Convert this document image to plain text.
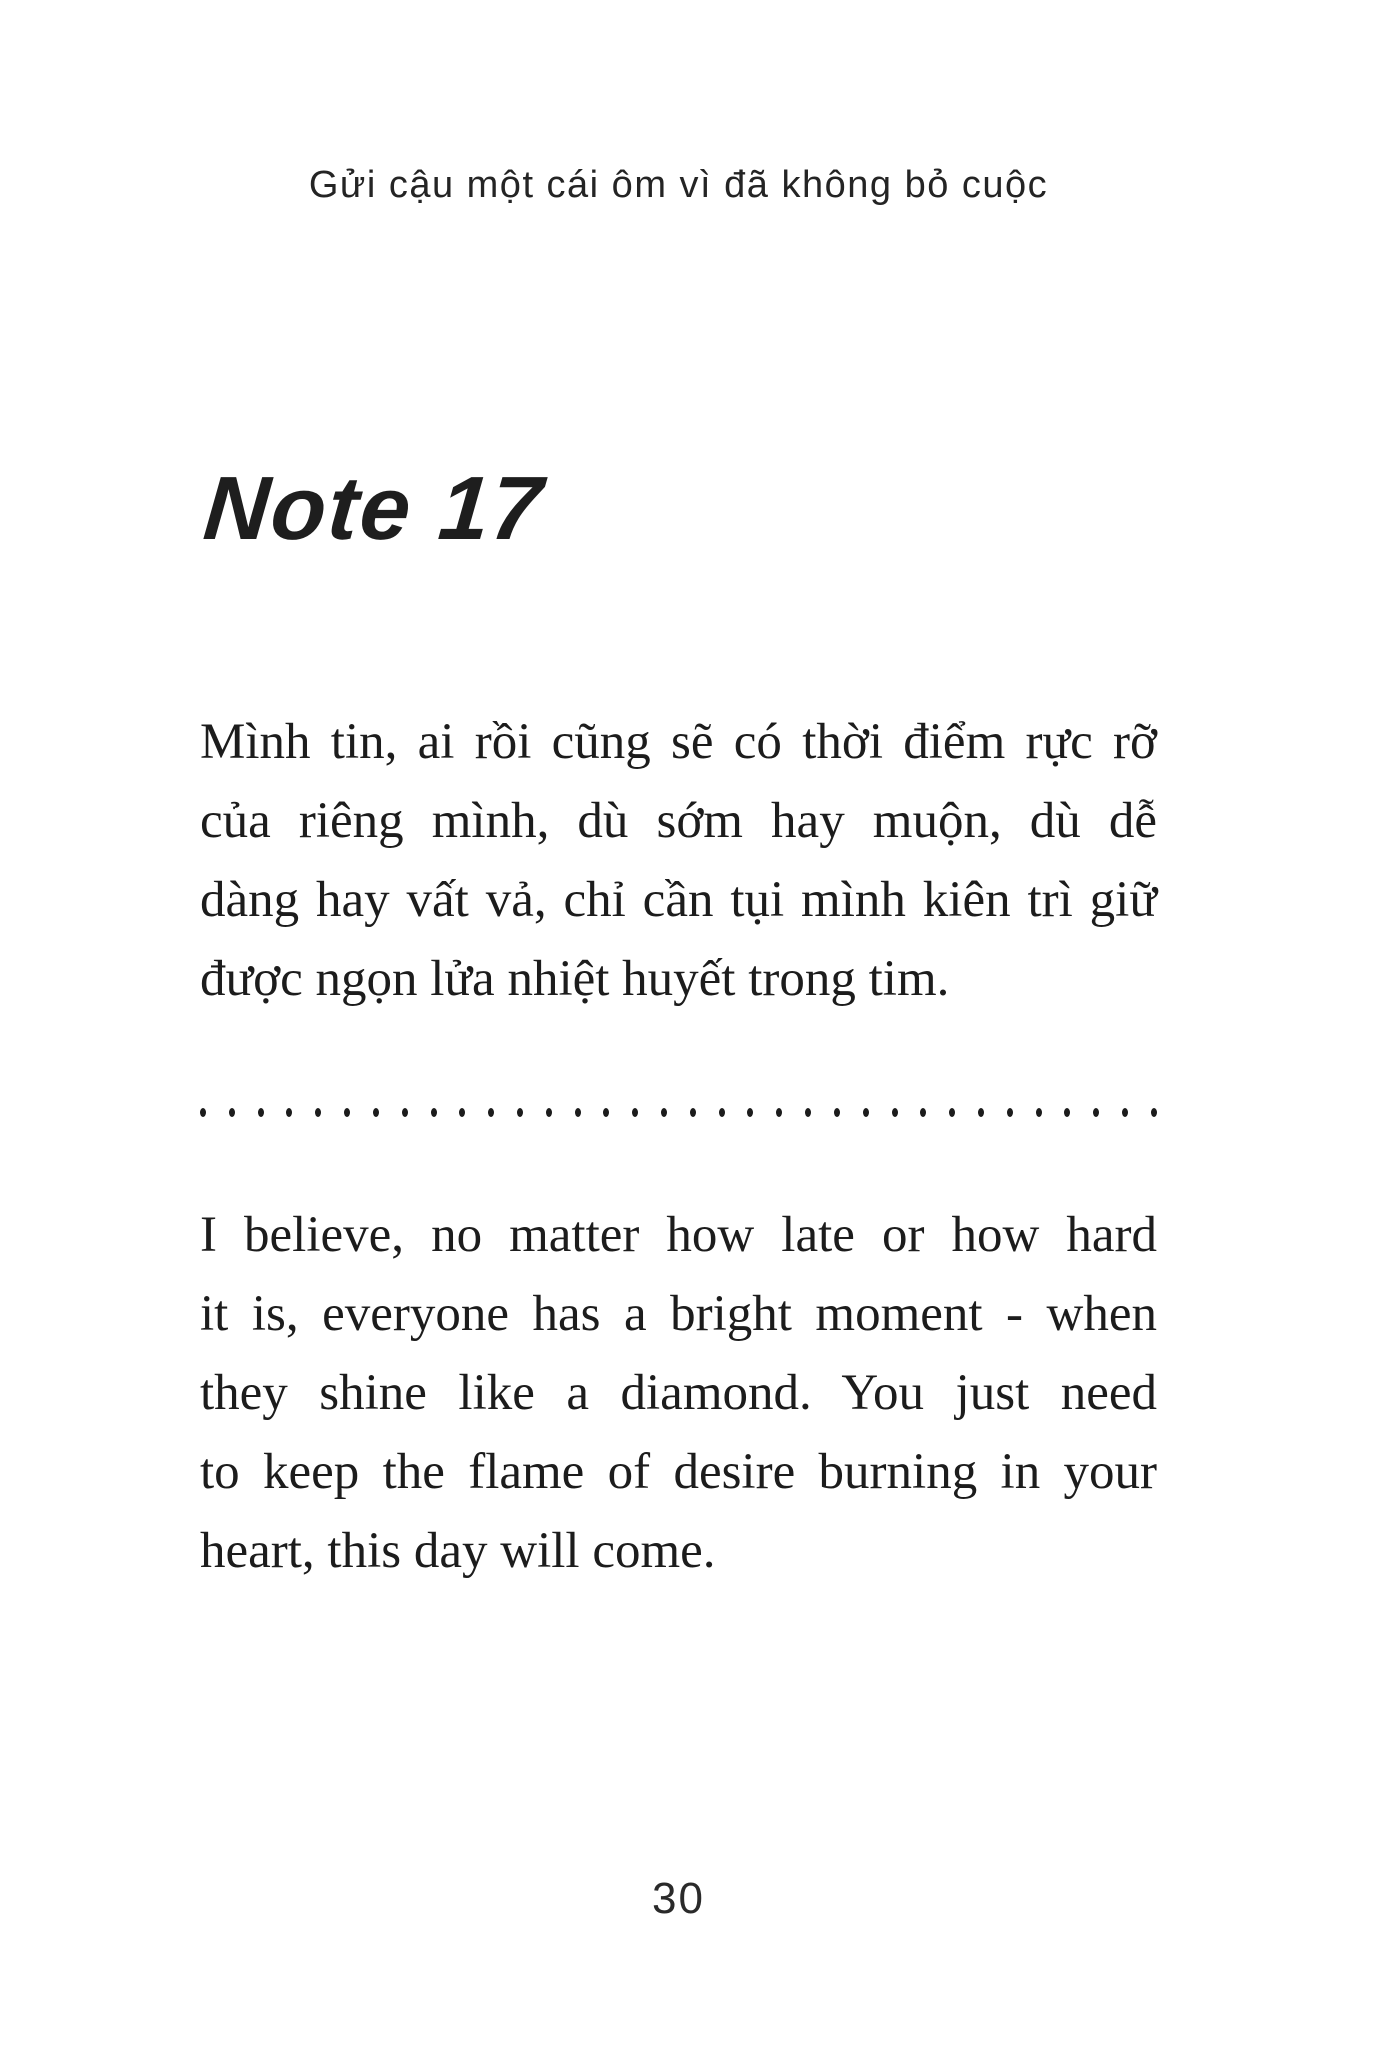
Gửi cậu một cái ôm vì đã không bỏ cuộc
Note 17
Mình tin, ai rồi cũng sẽ có thời điểm rực rỡ
của riêng mình, dù sớm hay muộn, dù dễ
dàng hay vất vả, chỉ cần tụi mình kiên trì giữ
được ngọn lửa nhiệt huyết trong tim.
I believe, no matter how late or how hard
it is, everyone has a bright moment - when
they shine like a diamond. You just need
to keep the flame of desire burning in your
heart, this day will come.
30
